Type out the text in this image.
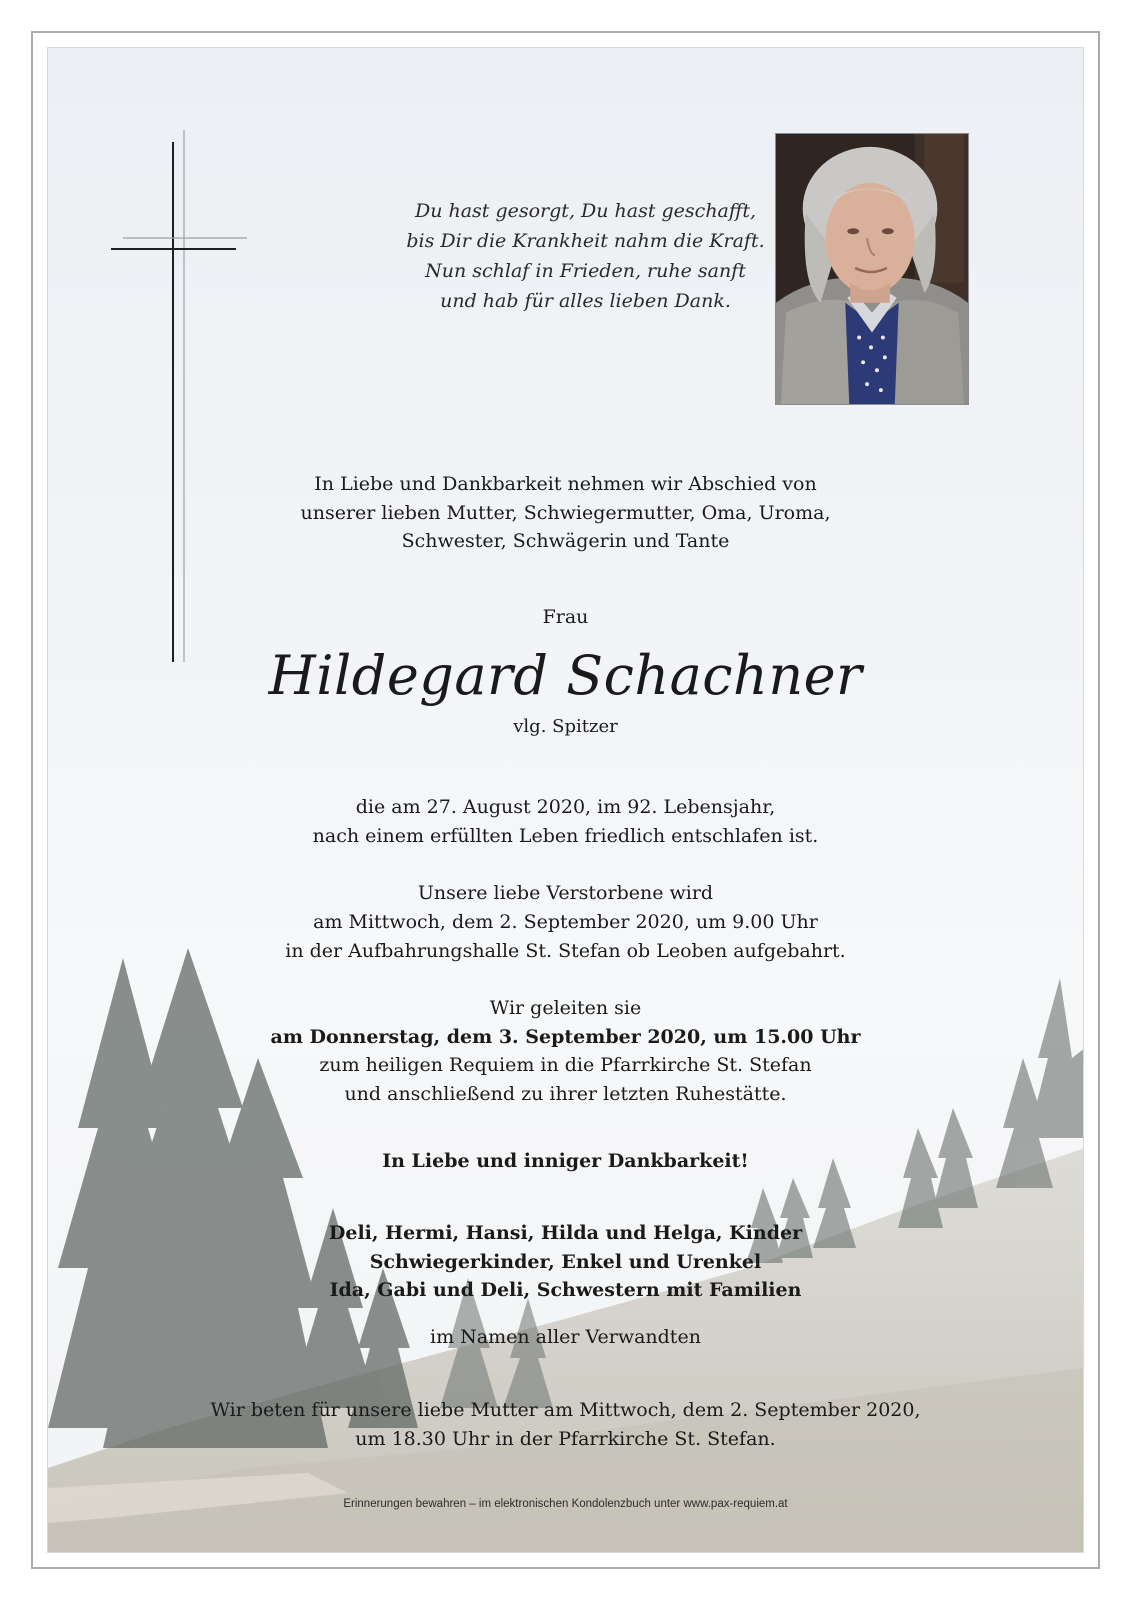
Du hast gesorgt, Du hast geschafft,
bis Dir die Krankheit nahm die Kraft.
Nun schlaf in Frieden, ruhe sanft
und hab für alles lieben Dank.
In Liebe und Dankbarkeit nehmen wir Abschied von
unserer lieben Mutter, Schwiegermutter, Oma, Uroma,
Schwester, Schwägerin und Tante
Frau
Hildegard Schachner
vlg. Spitzer
die am 27. August 2020, im 92. Lebensjahr,
nach einem erfüllten Leben friedlich entschlafen ist.
Unsere liebe Verstorbene wird
am Mittwoch, dem 2. September 2020, um 9.00 Uhr
in der Aufbahrungshalle St. Stefan ob Leoben aufgebahrt.
Wir geleiten sie
am Donnerstag, dem 3. September 2020, um 15.00 Uhr
zum heiligen Requiem in die Pfarrkirche St. Stefan
und anschließend zu ihrer letzten Ruhestätte.
In Liebe und inniger Dankbarkeit!
Deli, Hermi, Hansi, Hilda und Helga, Kinder
Schwiegerkinder, Enkel und Urenkel
Ida, Gabi und Deli, Schwestern mit Familien
im Namen aller Verwandten
Wir beten für unsere liebe Mutter am Mittwoch, dem 2. September 2020,
um 18.30 Uhr in der Pfarrkirche St. Stefan.
Erinnerungen bewahren – im elektronischen Kondolenzbuch unter www.pax-requiem.at
